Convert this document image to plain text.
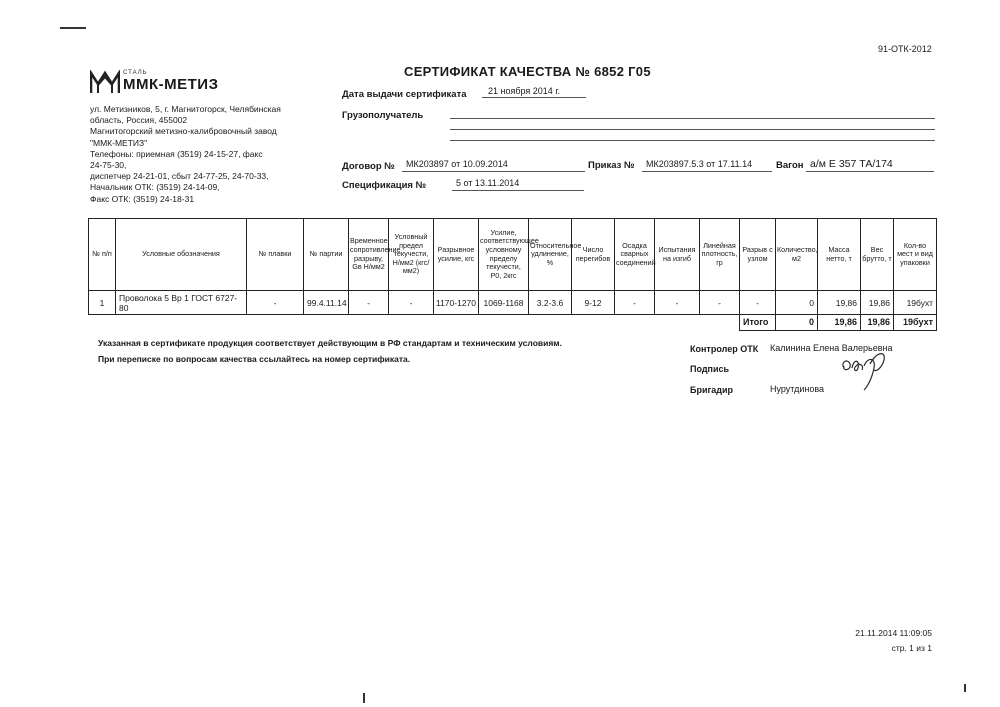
91-ОТК-2012
СТАЛЬ
ММК-МЕТИЗ
ул. Метизников, 5, г. Магнитогорск, Челябинская
область, Россия, 455002
Магнитогорский метизно-калибровочный завод
"ММК-МЕТИЗ"
Телефоны: приемная (3519) 24-15-27, факс
24-75-30,
диспетчер 24-21-01, сбыт 24-77-25, 24-70-33,
Начальник ОТК: (3519) 24-14-09,
Факс ОТК: (3519) 24-18-31
СЕРТИФИКАТ КАЧЕСТВА № 6852 Г05
Дата выдачи сертификата 21 ноября 2014 г.
Грузополучатель
Договор № МК203897 от 10.09.2014	Приказ № МК203897.5.3 от 17.11.14	Вагон а/м Е 357 ТА/174
Спецификация №	5 от 13.11.2014
№ п/п	Условные обозначения	№ плавки	№ партии	Временное сопротивление разрыву, Gв Н/мм2	Условный предел текучести, Н/мм2 (кгс/мм2)	Разрывное усилие, кгс	Усилие, соответствующее условному пределу текучести, Р0, 2кгс	Относительное удлинение, %	Число перегибов	Осадка сварных соединений	Испытания на изгиб	Линейная плотность, гр	Разрыв с узлом	Количество, м2	Масса нетто, т	Вес брутто, т	Кол-во мест и вид упаковки
1	Проволока 5 Вр 1 ГОСТ 6727-80	-	99.4.11.14	-	-	1170-1270	1069-1168	3.2-3.6	9-12	-	-	-	-	0	19,86	19,86	19бухт
													Итого	0	19,86	19,86	19бухт
Указанная в сертификате продукция соответствует действующим в РФ стандартам и техническим условиям.
При переписке по вопросам качества ссылайтесь на номер сертификата.
Контролер ОТК Калинина Елена Валерьевна
Подпись
Бригадир	Нурутдинова
21.11.2014 11:09:05
стр. 1 из 1
